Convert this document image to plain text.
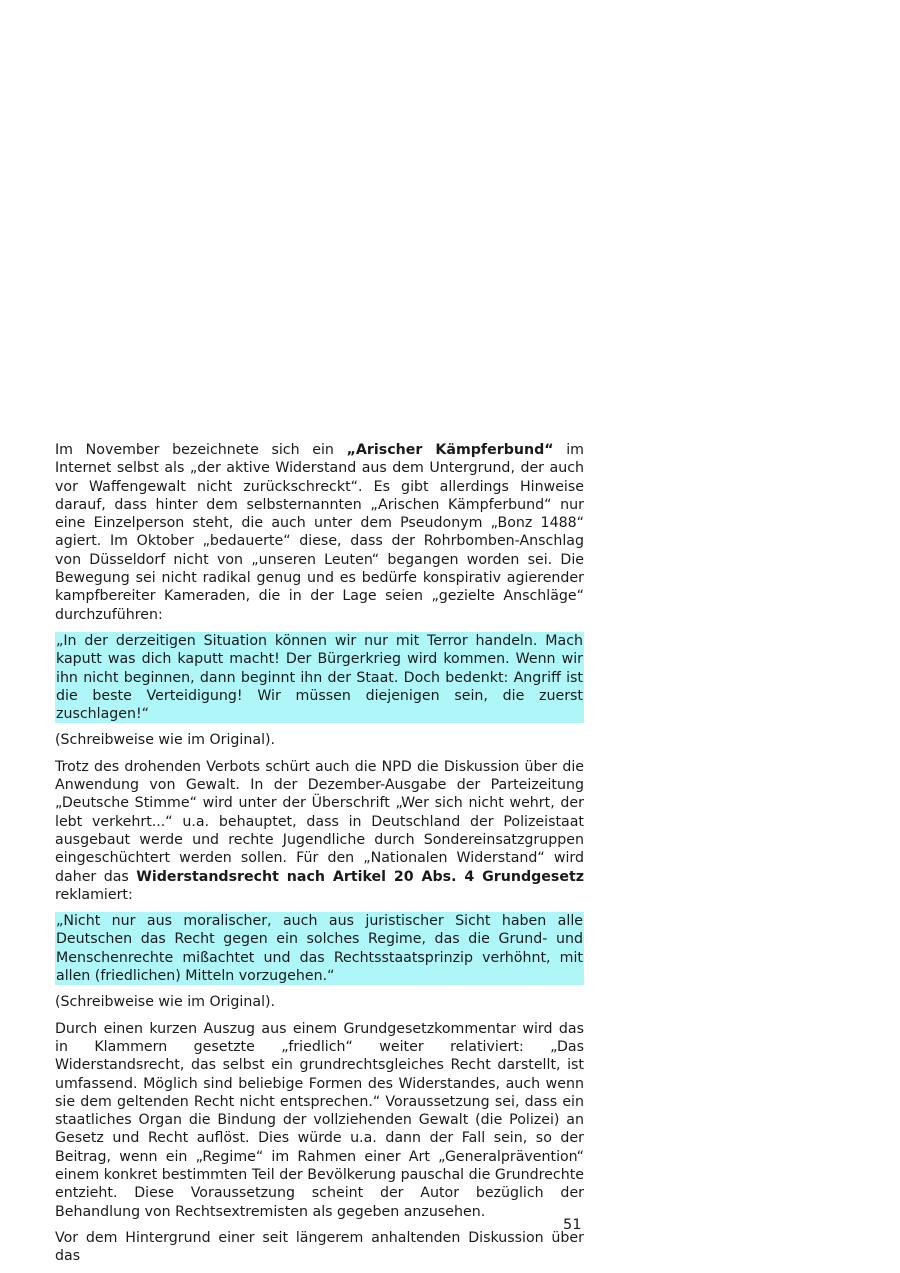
Im November bezeichnete sich ein „Arischer Kämpferbund“ im Internet selbst als „der aktive Widerstand aus dem Untergrund, der auch vor Waffengewalt nicht zurückschreckt“. Es gibt allerdings Hinweise darauf, dass hinter dem selbsternannten „Arischen Kämpferbund“ nur eine Einzelperson steht, die auch unter dem Pseudonym „Bonz 1488“ agiert. Im Oktober „bedauerte“ diese, dass der Rohrbomben-Anschlag von Düsseldorf nicht von „unseren Leuten“ begangen worden sei. Die Bewegung sei nicht radikal genug und es bedürfe konspirativ agierender kampfbereiter Kameraden, die in der Lage seien „gezielte Anschläge“ durchzuführen:

„In der derzeitigen Situation können wir nur mit Terror handeln. Mach kaputt was dich kaputt macht! Der Bürgerkrieg wird kommen. Wenn wir ihn nicht beginnen, dann beginnt ihn der Staat. Doch bedenkt: Angriff ist die beste Verteidigung! Wir müssen diejenigen sein, die zuerst zuschlagen!“

(Schreibweise wie im Original).

Trotz des drohenden Verbots schürt auch die NPD die Diskussion über die Anwendung von Gewalt. In der Dezember-Ausgabe der Parteizeitung „Deutsche Stimme“ wird unter der Überschrift „Wer sich nicht wehrt, der lebt verkehrt...“ u.a. behauptet, dass in Deutschland der Polizeistaat ausgebaut werde und rechte Jugendliche durch Sondereinsatzgruppen eingeschüchtert werden sollen. Für den „Nationalen Widerstand“ wird daher das Widerstandsrecht nach Artikel 20 Abs. 4 Grundgesetz reklamiert:

„Nicht nur aus moralischer, auch aus juristischer Sicht haben alle Deutschen das Recht gegen ein solches Regime, das die Grund- und Menschenrechte mißachtet und das Rechtsstaatsprinzip verhöhnt, mit allen (friedlichen) Mitteln vorzugehen.“

(Schreibweise wie im Original).

Durch einen kurzen Auszug aus einem Grundgesetzkommentar wird das in Klammern gesetzte „friedlich“ weiter relativiert: „Das Widerstandsrecht, das selbst ein grundrechtsgleiches Recht darstellt, ist umfassend. Möglich sind beliebige Formen des Widerstandes, auch wenn sie dem geltenden Recht nicht entsprechen.“ Voraussetzung sei, dass ein staatliches Organ die Bindung der vollziehenden Gewalt (die Polizei) an Gesetz und Recht auflöst. Dies würde u.a. dann der Fall sein, so der Beitrag, wenn ein „Regime“ im Rahmen einer Art „Generalprävention“ einem konkret bestimmten Teil der Bevölkerung pauschal die Grundrechte entzieht. Diese Voraussetzung scheint der Autor bezüglich der Behandlung von Rechtsextremisten als gegeben anzusehen.

Vor dem Hintergrund einer seit längerem anhaltenden Diskussion über das

51
